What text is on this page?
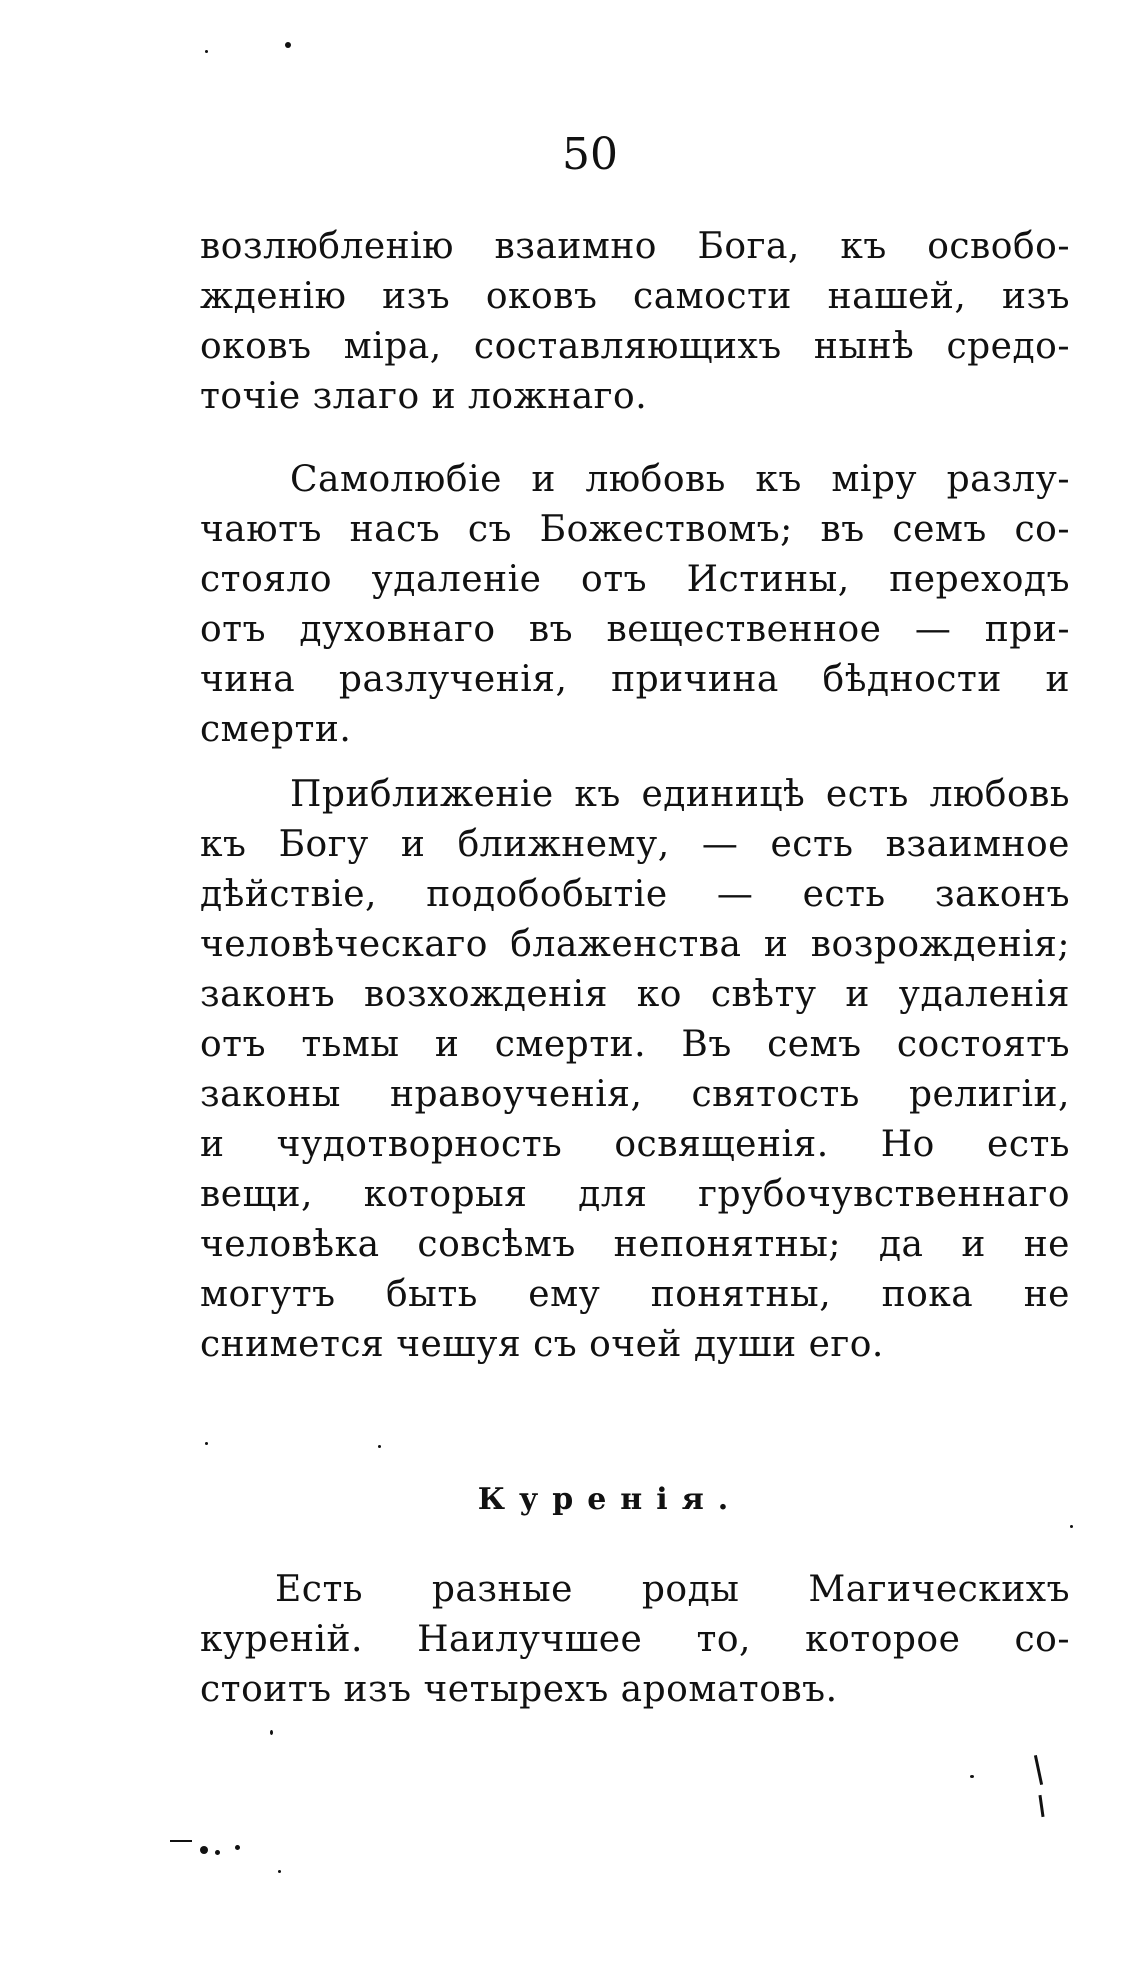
50
возлюбленію взаимно Бога, къ освобо-
жденію изъ оковъ самости нашей, изъ
оковъ міра, составляющихъ нынѣ средо-
точіе злаго и ложнаго.
Самолюбіе и любовь къ міру разлу-
чаютъ насъ съ Божествомъ; въ семъ со-
стояло удаленіе отъ Истины, переходъ
отъ духовнаго въ вещественное — при-
чина разлученія, причина бѣдности и
смерти.
Приближеніе къ единицѣ есть любовь
къ Богу и ближнему, — есть взаимное
дѣйствіе, подобобытіе — есть законъ
человѣческаго блаженства и возрожденія;
законъ возхожденія ко свѣту и удаленія
отъ тьмы и смерти. Въ семъ состоятъ
законы нравоученія, святость религіи,
и чудотворность освященія. Но есть
вещи, которыя для грубочувственнаго
человѣка совсѣмъ непонятны; да и не
могутъ быть ему понятны, пока не
снимется чешуя съ очей души его.
Куренія.
Есть разные роды Магическихъ
куреній. Наилучшее то, которое со-
стоитъ изъ четырехъ ароматовъ.
